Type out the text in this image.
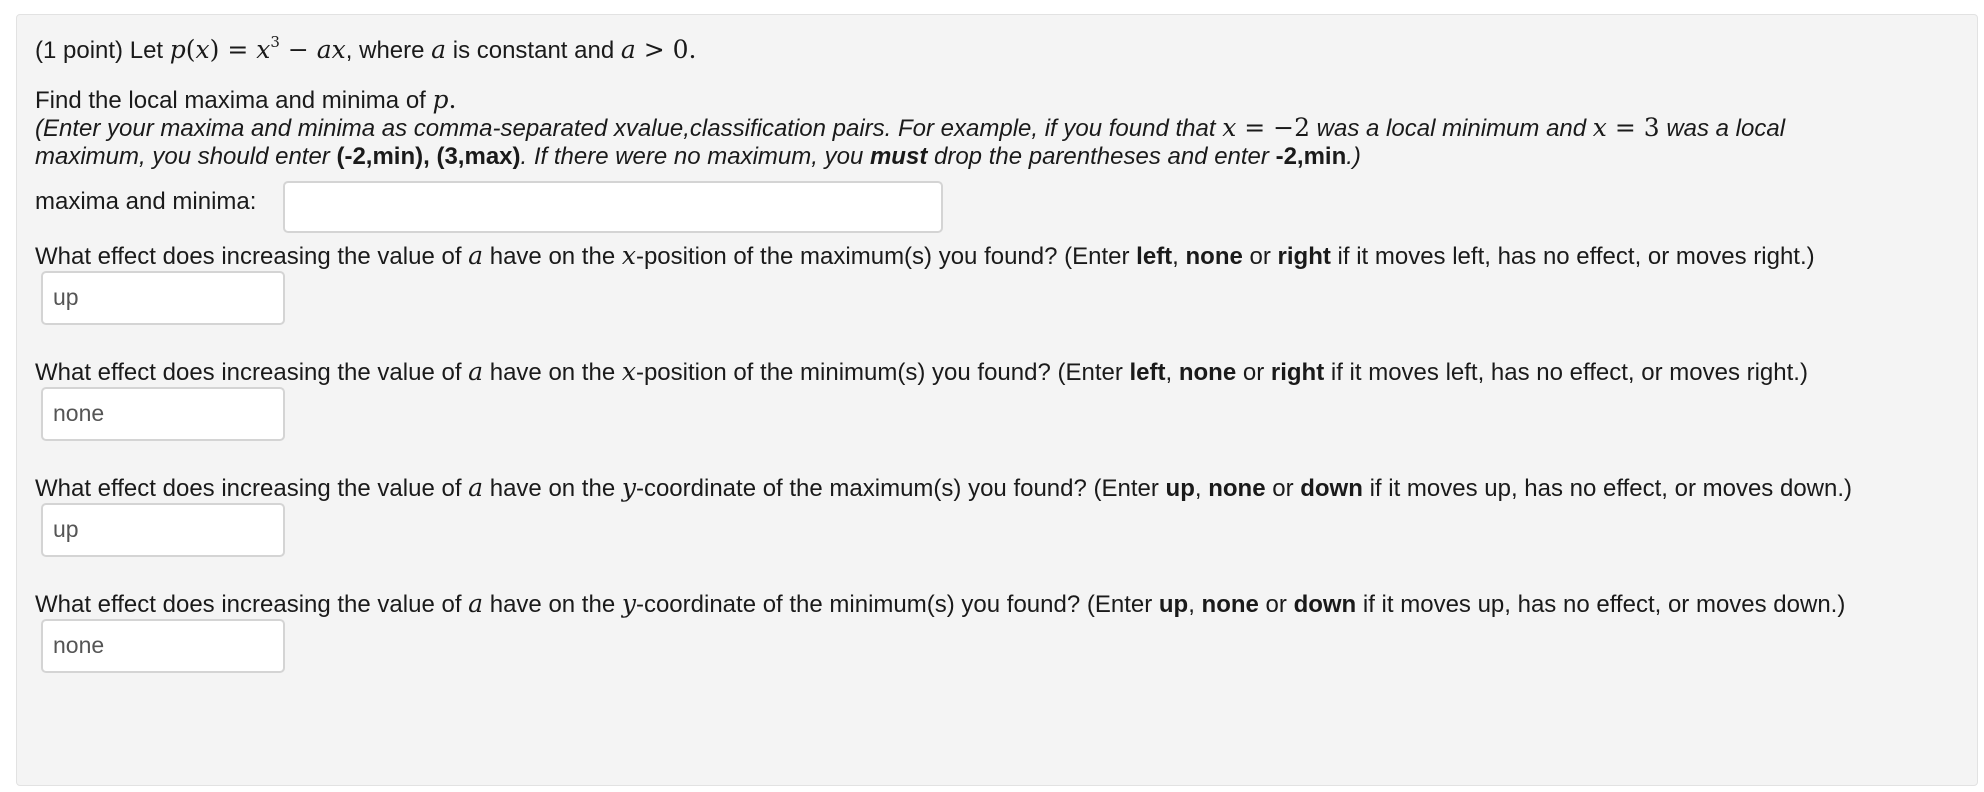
(1 point) Let $p(x) = x^3$ − ax, where a is constant and a > 0.
Find the local maxima and minima of p.
(Enter your maxima and minima as comma-separated xvalue,classification pairs. For example, if you found that x = −2 was a local minimum and x = 3 was a local
maximum, you should enter (-2,min), (3,max). If there were no maximum, you must drop the parentheses and enter -2,min.)
maxima and minima:
What effect does increasing the value of a have on the x-position of the maximum(s) you found? (Enter left, none or right if it moves left, has no effect, or moves right.)
up
What effect does increasing the value of a have on the x-position of the minimum(s) you found? (Enter left, none or right if it moves left, has no effect, or moves right.)
none
What effect does increasing the value of a have on the y-coordinate of the maximum(s) you found? (Enter up, none or down if it moves up, has no effect, or moves down.)
up
What effect does increasing the value of a have on the y-coordinate of the minimum(s) you found? (Enter up, none or down if it moves up, has no effect, or moves down.)
none
